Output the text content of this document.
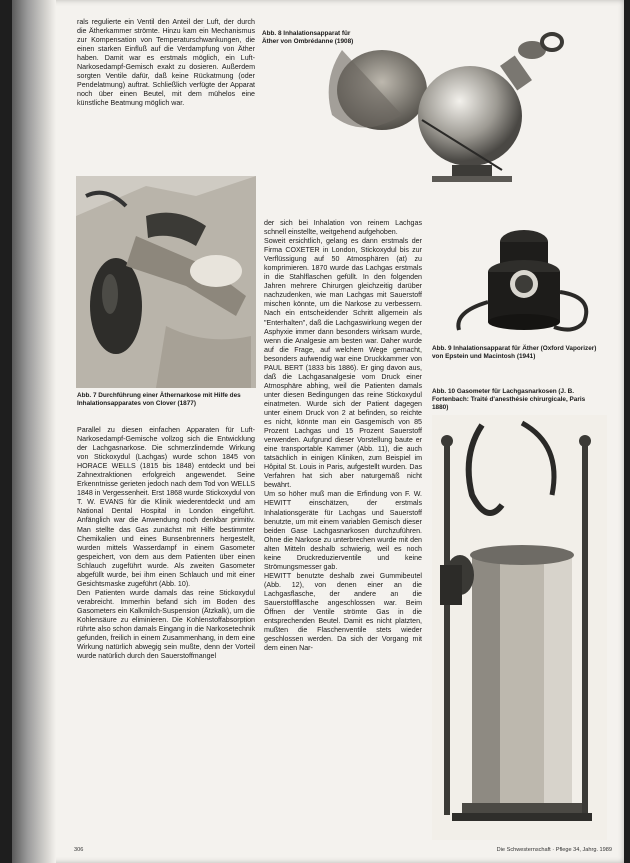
rals regulierte ein Ventil den Anteil der Luft, der durch die Ätherkammer strömte. Hinzu kam ein Mechanismus zur Kompensation von Temperaturschwankungen, die einen starken Einfluß auf die Verdampfung von Äther haben. Damit war es erstmals möglich, ein Luft-Narkosedampf-Gemisch exakt zu dosieren. Außerdem sorgten Ventile dafür, daß keine Rückatmung (oder Pendelatmung) auftrat. Schließlich verfügte der Apparat noch über einen Beutel, mit dem mühelos eine künstliche Beatmung möglich war.

Abb. 7 Durchführung einer Äthernarkose mit Hilfe des Inhalationsapparates von Clover (1877)

Parallel zu diesen einfachen Apparaten für Luft-Narkosedampf-Gemische vollzog sich die Entwicklung der Lachgasnarkose. Die schmerzlindernde Wirkung von Stickoxydul (Lachgas) wurde schon 1845 von HORACE WELLS (1815 bis 1848) entdeckt und bei Zahnextraktionen erfolgreich angewendet. Seine Erkenntnisse gerieten jedoch nach dem Tod von WELLS 1848 in Vergessenheit. Erst 1868 wurde Stickoxydul von T. W. EVANS für die Klinik wiederentdeckt und am National Dental Hospital in London eingeführt. Anfänglich war die Anwendung noch denkbar primitiv. Man stellte das Gas zunächst mit Hilfe bestimmter Chemikalien und eines Bunsenbrenners hergestellt, wurden mittels Wasserdampf in einem Gasometer gespeichert, von dem aus dem Patienten über einen Schlauch zugeführt wurde. Als zweiten Gasometer abgefüllt wurde, bei ihm einen Schlauch und mit einer Gesichtsmaske zugeführt (Abb. 10).
Den Patienten wurde damals das reine Stickoxydul verabreicht. Immerhin befand sich im Boden des Gasometers ein Kalkmilch-Suspension (Ätzkalk), um die Kohlensäure zu eliminieren. Die Kohlenstoffabsorption rührte also schon damals Eingang in die Narkosetechnik gefunden, freilich in einem Zusammenhang, in dem eine Wirkung natürlich abwegig sein mußte, denn der Vorteil wurde natürlich durch den Sauerstoffmangel

Abb. 8 Inhalationsapparat für Äther von Ombrédanne (1908)

der sich bei Inhalation von reinem Lachgas schnell einstellte, weitgehend aufgehoben.
Soweit ersichtlich, gelang es dann erstmals der Firma COXETER in London, Stickoxydul bis zur Verflüssigung auf 50 Atmosphären (at) zu komprimieren. 1870 wurde das Lachgas erstmals in die Stahlflaschen gefüllt. In den folgenden Jahren mehrere Chirurgen gleichzeitig darüber nachzudenken, wie man Lachgas mit Sauerstoff mischen könnte, um die Narkose zu verbessern. Nach ein entscheidender Schritt allgemein als "Enterhalten", daß die Lachgaswirkung wegen der Asphyxie immer dann besonders wirksam wurde, wenn die Analgesie am besten war. Daher wurde auf die Frage, auf welchem Wege gemacht, besonders aufwendig war eine Druckkammer von PAUL BERT (1833 bis 1886). Er ging davon aus, daß die Lachgasanalgesie vom Druck einer Atmosphäre abhing, weil die Patienten damals unter diesen Bedingungen das reine Stickoxydul einatmeten. Wurde sich der Patient dagegen unter einem Druck von 2 at befinden, so reichte es nicht, könnte man ein Gasgemisch von 85 Prozent Lachgas und 15 Prozent Sauerstoff verwenden. Aufgrund dieser Vorstellung baute er eine transportable Kammer (Abb. 11), die auch tatsächlich in einigen Kliniken, zum Beispiel im Hôpital St. Louis in Paris, aufgestellt wurden. Das Verfahren hat sich aber naturgemäß nicht bewährt.
Um so höher muß man die Erfindung von F. W. HEWITT einschätzen, der erstmals Inhalationsgeräte für Lachgas und Sauerstoff benutzte, um mit einem variablen Gemisch dieser beiden Gase Lachgasnarkosen durchzuführen. Ohne die Narkose zu unterbrechen wurde mit den alten Mitteln deshalb schwierig, weil es noch keine Druckreduzierventile und keine Strömungsmesser gab.
HEWITT benutzte deshalb zwei Gummibeutel (Abb. 12), von denen einer an die Lachgasflasche, der andere an die Sauerstoffflasche angeschlossen war. Beim Öffnen der Ventile strömte Gas in die entsprechenden Beutel. Damit es nicht platzten, mußten die Flaschenventile stets wieder geschlossen werden. Da sich der Vorgang mit dem einen Nar-

Abb. 9 Inhalationsapparat für Äther (Oxford Vaporizer) von Epstein und Macintosh (1941)
Abb. 10 Gasometer für Lachgasnarkosen (J. B. Fortenbach: Traité d'anesthésie chirurgicale, Paris 1880)
306	Die Schwesternschaft · Pflege 34, Jahrg. 1989
